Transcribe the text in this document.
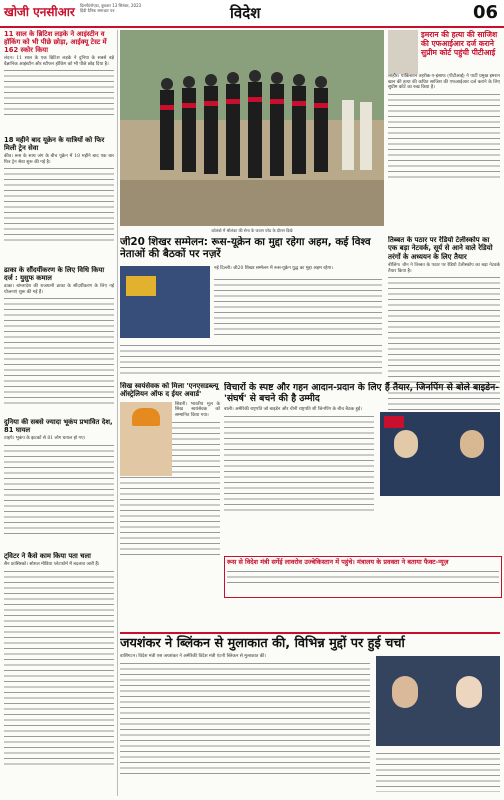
खोजी एनसीआर दिल्ली/नोएडा, बुधवार 13 सितंबर, 2023
हिंदी दैनिक समाचार पत्र	विदेश	06

11 साल के ब्रिटिश लड़के ने आइंस्टीन व हॉकिंग को भी पीछे छोड़ा, आईक्यू टेस्ट में 162 स्कोर किया

लंदन। 11 साल के एक ब्रिटिश लड़के ने दुनिया के सबसे बड़े वैज्ञानिक आइंस्टीन और स्टीफन हॉकिंग को भी पीछे छोड़ दिया है।

18 महीने बाद यूक्रेन के यात्रियों को फिर मिली ट्रेन सेवा

कीव। रूस के साथ जंग के बीच यूक्रेन में 18 महीने बाद एक बार फिर ट्रेन सेवा शुरू की गई है।

ढाका के सौंदर्यीकरण के लिए विधि किया दर्ज : युसुफ कमाल

ढाका। बांग्लादेश की राजधानी ढाका के सौंदर्यीकरण के लिए नई योजनाएं शुरू की गई हैं।

दुनिया की सबसे ज्यादा भूकंप प्रभावित देश, 81 घायल

ताइपे। भूकंप के झटकों से 81 लोग घायल हो गए।

ट्विटर ने कैसे काम किया पता चला

सैन फ्रांसिस्को। सोशल मीडिया प्लेटफॉर्म में बदलाव जारी हैं।

कोलंबो में श्रीलंका की सेना के जवान परेड के दौरान दिखे

इमरान की हत्या की साजिश की एफआईआर दर्ज कराने सुप्रीम कोर्ट पहुंची पीटीआई

लाहौर। पाकिस्तान तहरीक-ए-इंसाफ (पीटीआई) ने पार्टी प्रमुख इमरान खान की हत्या की कथित साजिश की एफआईआर दर्ज कराने के लिए सुप्रीम कोर्ट का रुख किया है।

जी20 शिखर सम्मेलन: रूस-यूक्रेन का मुद्दा रहेगा अहम, कई विश्व नेताओं की बैठकों पर नज़रें

नई दिल्ली। जी20 शिखर सम्मेलन में रूस-यूक्रेन युद्ध का मुद्दा अहम रहेगा।

तिब्बत के पठार पर रेडियो टेलीस्कोप का एक बड़ा नेटवर्क, सूर्य से आने वाले रेडियो तरंगों के अध्ययन के लिए तैयार

बीजिंग। चीन ने तिब्बत के पठार पर रेडियो टेलीस्कोप का बड़ा नेटवर्क तैयार किया है।

सिख स्वयंसेवक को मिला 'एनएसडब्ल्यू ऑस्ट्रेलियन ऑफ द ईयर अवार्ड'

सिडनी। भारतीय मूल के सिख स्वयंसेवक को सम्मानित किया गया।

विचारों के स्पष्ट और गहन आदान-प्रदान के लिए हैं तैयार, जिनपिंग से बोले बाइडेन- 'संघर्ष' से बचने की है उम्मीद

बाली। अमेरिकी राष्ट्रपति जो बाइडेन और चीनी राष्ट्रपति शी जिनपिंग के बीच बैठक हुई।

रूस से विदेश मंत्री सर्गेई लावरोव उज्बेकिस्तान में पहुंचे। मंत्रालय के प्रवक्ता ने बताया फैक्ट-न्यूज़

जयशंकर ने ब्लिंकन से मुलाकात की, विभिन्न मुद्दों पर हुई चर्चा

वाशिंगटन। विदेश मंत्री एस जयशंकर ने अमेरिकी विदेश मंत्री एंटनी ब्लिंकन से मुलाकात की।
